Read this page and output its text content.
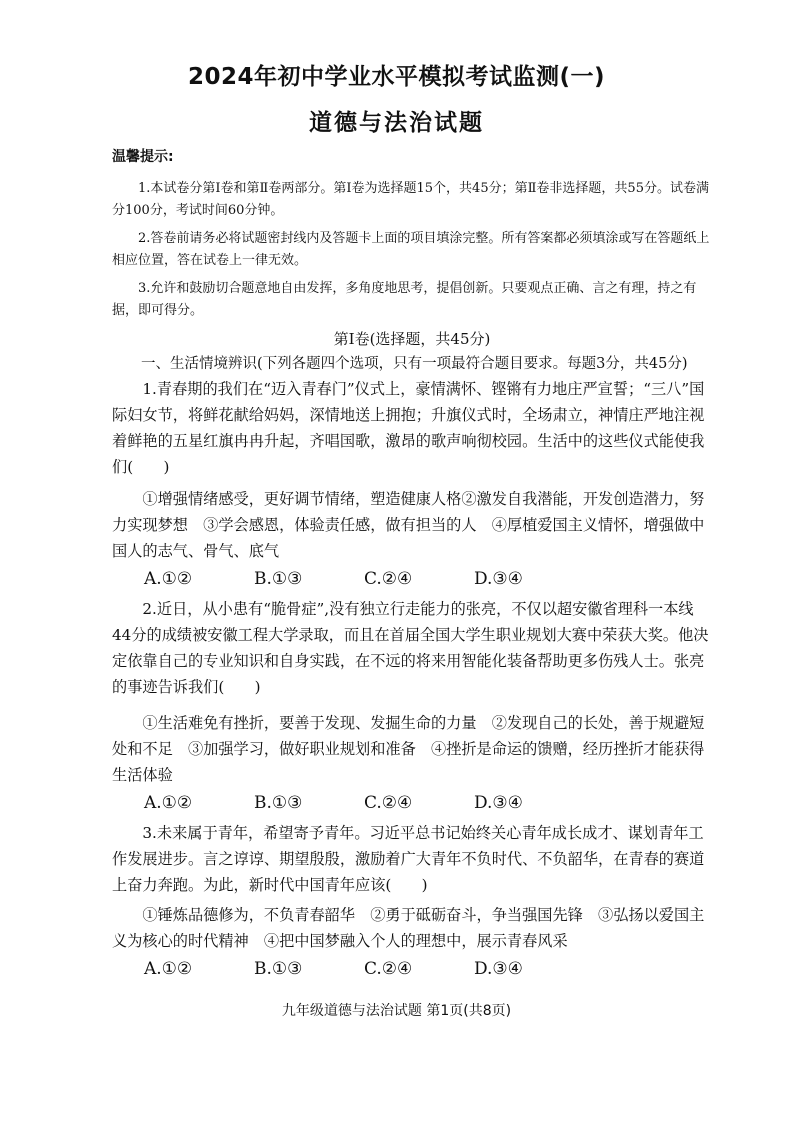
2024年初中学业水平模拟考试监测(一)
道德与法治试题
温馨提示:

1.本试卷分第Ⅰ卷和第Ⅱ卷两部分。第Ⅰ卷为选择题15个，共45分；第Ⅱ卷非选择题，共55分。试卷满分100分，考试时间60分钟。

2.答卷前请务必将试题密封线内及答题卡上面的项目填涂完整。所有答案都必须填涂或写在答题纸上相应位置，答在试卷上一律无效。

3.允许和鼓励切合题意地自由发挥，多角度地思考，提倡创新。只要观点正确、言之有理，持之有据，即可得分。

第Ⅰ卷(选择题，共45分)

一、生活情境辨识(下列各题四个选项，只有一项最符合题目要求。每题3分，共45分)

1.青春期的我们在“迈入青春门”仪式上，豪情满怀、铿锵有力地庄严宣誓；“三八”国际妇女节，将鲜花献给妈妈，深情地送上拥抱；升旗仪式时，全场肃立，神情庄严地注视着鲜艳的五星红旗冉冉升起，齐唱国歌，激昂的歌声响彻校园。生活中的这些仪式能使我们(　　)

①增强情绪感受，更好调节情绪，塑造健康人格②激发自我潜能，开发创造潜力，努力实现梦想　③学会感恩，体验责任感，做有担当的人　④厚植爱国主义情怀，增强做中国人的志气、骨气、底气

A.①②	B.①③	C.②④	D.③④

2.近日，从小患有“脆骨症”,没有独立行走能力的张亮，不仅以超安徽省理科一本线44分的成绩被安徽工程大学录取，而且在首届全国大学生职业规划大赛中荣获大奖。他决定依靠自己的专业知识和自身实践，在不远的将来用智能化装备帮助更多伤残人士。张亮的事迹告诉我们(　　)

①生活难免有挫折，要善于发现、发掘生命的力量　②发现自己的长处，善于规避短处和不足　③加强学习，做好职业规划和准备　④挫折是命运的馈赠，经历挫折才能获得生活体验

A.①②	B.①③	C.②④	D.③④

3.未来属于青年，希望寄予青年。习近平总书记始终关心青年成长成才、谋划青年工作发展进步。言之谆谆、期望殷殷，激励着广大青年不负时代、不负韶华，在青春的赛道上奋力奔跑。为此，新时代中国青年应该(　　)

①锤炼品德修为，不负青春韶华　②勇于砥砺奋斗，争当强国先锋　③弘扬以爱国主义为核心的时代精神　④把中国梦融入个人的理想中，展示青春风采

A.①②	B.①③	C.②④	D.③④
九年级道德与法治试题 第1页(共8页)
